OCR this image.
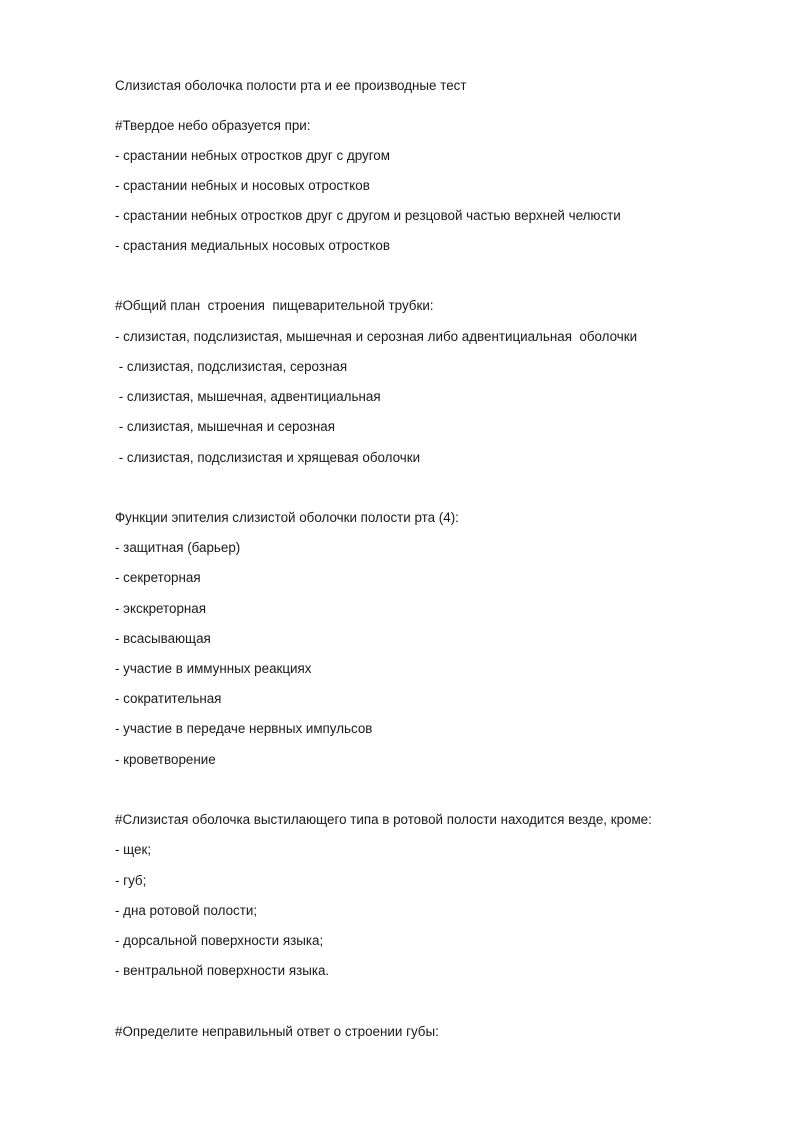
Слизистая оболочка полости рта и ее производные тест

#Твердое небо образуется при:

- срастании небных отростков друг с другом

- срастании небных и носовых отростков

- срастании небных отростков друг с другом и резцовой частью верхней челюсти

- срастания медиальных носовых отростков

#Общий план  строения  пищеварительной трубки:

- слизистая, подслизистая, мышечная и серозная либо адвентициальная  оболочки

- слизистая, подслизистая, серозная

- слизистая, мышечная, адвентициальная

- слизистая, мышечная и серозная

- слизистая, подслизистая и хрящевая оболочки

Функции эпителия слизистой оболочки полости рта (4):

- защитная (барьер)

- секреторная

- экскреторная

- всасывающая

- участие в иммунных реакциях

- сократительная

- участие в передаче нервных импульсов

- кроветворение

#Слизистая оболочка выстилающего типа в ротовой полости находится везде, кроме:

- щек;

- губ;

- дна ротовой полости;

- дорсальной поверхности языка;

- вентральной поверхности языка.

#Определите неправильный ответ о строении губы:
